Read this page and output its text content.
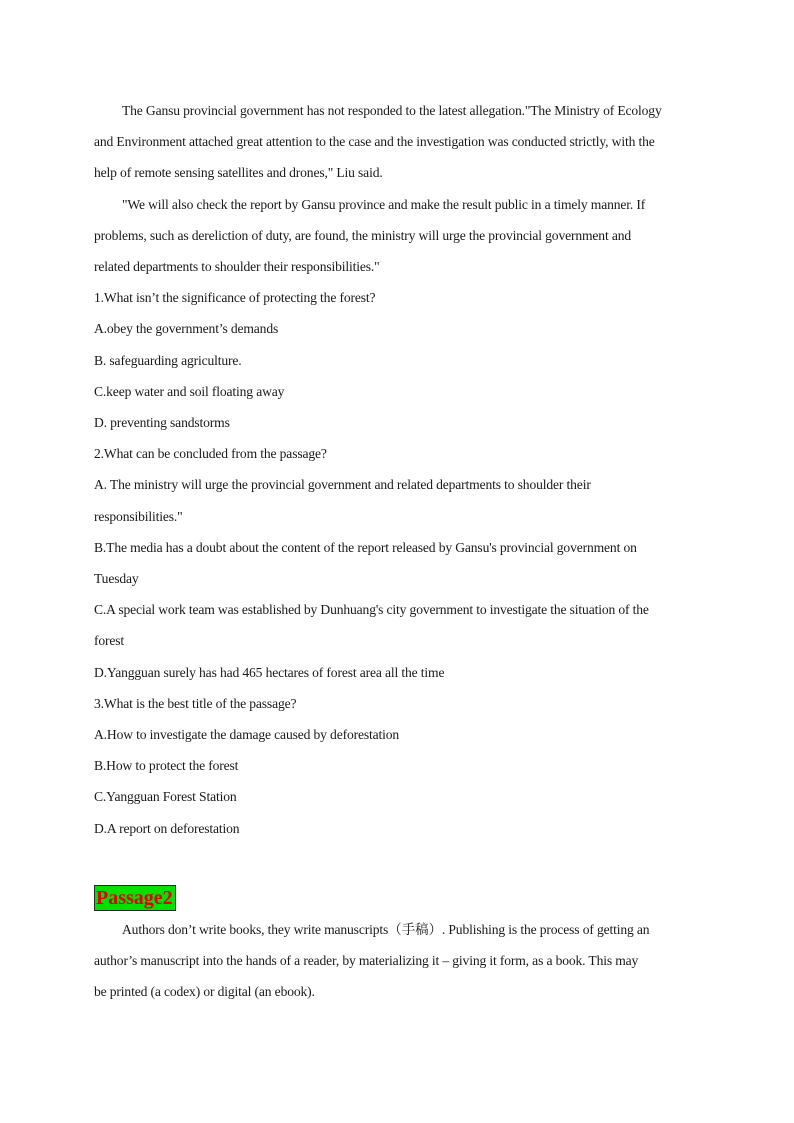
The Gansu provincial government has not responded to the latest allegation."The Ministry of Ecology
and Environment attached great attention to the case and the investigation was conducted strictly, with the
help of remote sensing satellites and drones," Liu said.
"We will also check the report by Gansu province and make the result public in a timely manner. If
problems, such as dereliction of duty, are found, the ministry will urge the provincial government and
related departments to shoulder their responsibilities."
1.What isn’t the significance of protecting the forest?
A.obey the government’s demands
B. safeguarding agriculture.
C.keep water and soil floating away
D. preventing sandstorms
2.What can be concluded from the passage?
A. The ministry will urge the provincial government and related departments to shoulder their
responsibilities."
B.The media has a doubt about the content of the report released by Gansu's provincial government on
Tuesday
C.A special work team was established by Dunhuang's city government to investigate the situation of the
forest
D.Yangguan surely has had 465 hectares of forest area all the time
3.What is the best title of the passage?
A.How to investigate the damage caused by deforestation
B.How to protect the forest
C.Yangguan Forest Station
D.A report on deforestation
Passage2
Authors don’t write books, they write manuscripts（手稿）. Publishing is the process of getting an
author’s manuscript into the hands of a reader, by materializing it – giving it form, as a book. This may
be printed (a codex) or digital (an ebook).
